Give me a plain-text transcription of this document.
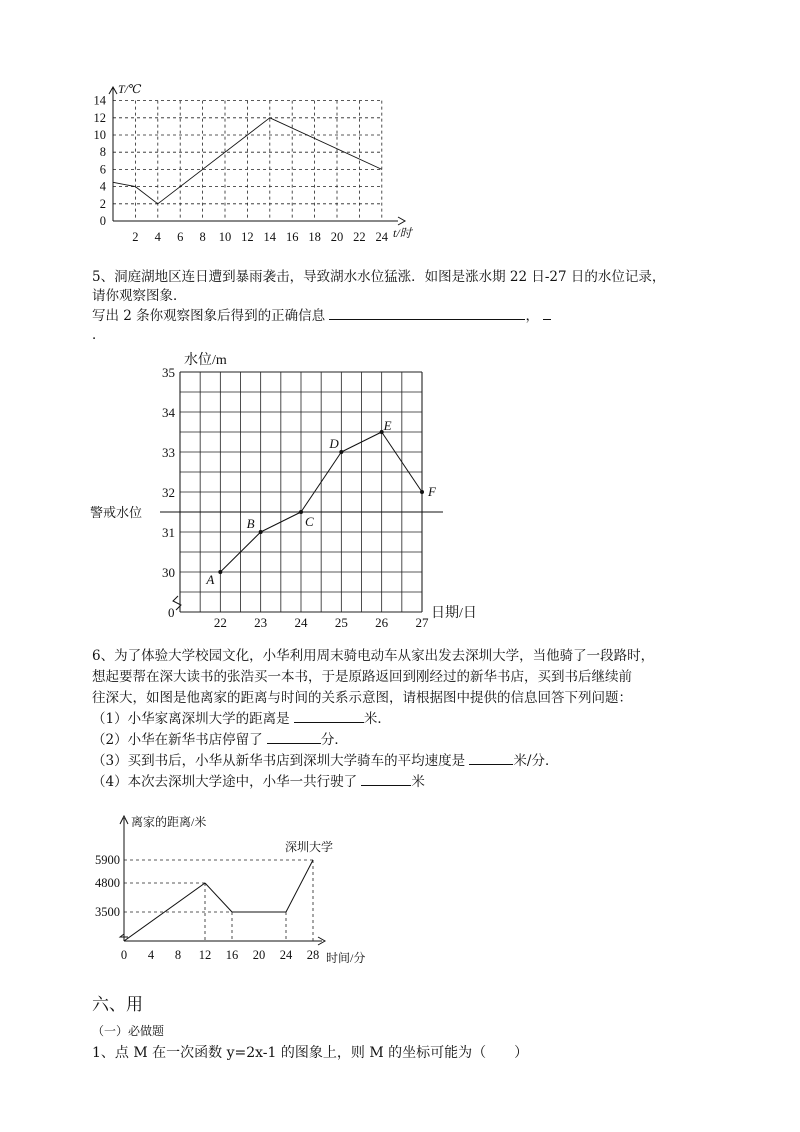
0
2
4
6
8
10
12
14
2 4 6 8 10 12 14 16 18 20 22 24
T/℃
t/时
5、洞庭湖地区连日遭到暴雨袭击，导致湖水水位猛涨．如图是涨水期 22 日-27 日的水位记录，
请你观察图象．
写出 2 条你观察图象后得到的正确信息	，
．
警戒水位
30
31
32
33
34
35
22 23 24 25 26 27
A
B	C
D
E
F
水位/m
日期/日
0
6、为了体验大学校园文化，小华利用周末骑电动车从家出发去深圳大学，当他骑了一段路时，
想起要帮在深大读书的张浩买一本书，于是原路返回到刚经过的新华书店，买到书后继续前
往深大，如图是他离家的距离与时间的关系示意图，请根据图中提供的信息回答下列问题：
（1）小华家离深圳大学的距离是	米．
（2）小华在新华书店停留了	分．
（3）买到书后，小华从新华书店到深圳大学骑车的平均速度是	米/分．
（4）本次去深圳大学途中，小华一共行驶了	米
3500
4800
5900
0 4 8 12 16 20 24 28
离家的距离/米
时间/分
深圳大学
六、用
（一）必做题
1、点 M 在一次函数 y=2x-1 的图象上，则 M 的坐标可能为（　　）
